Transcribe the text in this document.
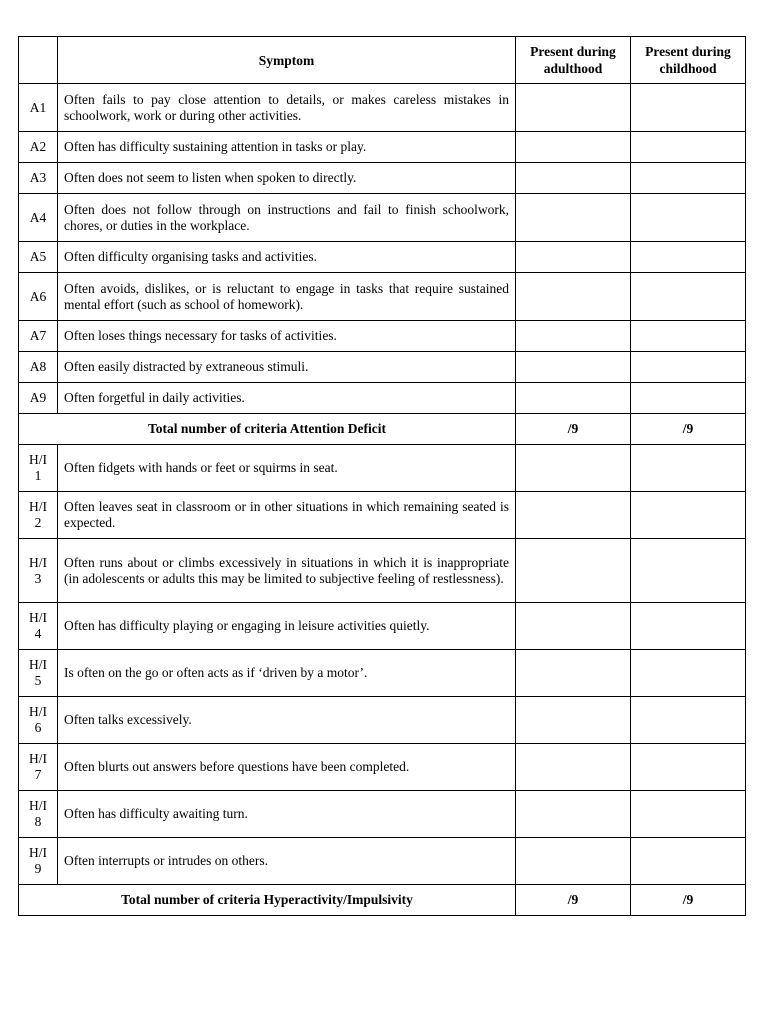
	Symptom	Present during adulthood	Present during childhood
A1	Often fails to pay close attention to details, or makes careless mistakes in schoolwork, work or during other activities.		
A2	Often has difficulty sustaining attention in tasks or play.		
A3	Often does not seem to listen when spoken to directly.		
A4	Often does not follow through on instructions and fail to finish schoolwork, chores, or duties in the workplace.		
A5	Often difficulty organising tasks and activities.		
A6	Often avoids, dislikes, or is reluctant to engage in tasks that require sustained mental effort (such as school of homework).		
A7	Often loses things necessary for tasks of activities.		
A8	Often easily distracted by extraneous stimuli.		
A9	Often forgetful in daily activities.		
Total number of criteria Attention Deficit		/9	/9
H/I 1	Often fidgets with hands or feet or squirms in seat.		
H/I 2	Often leaves seat in classroom or in other situations in which remaining seated is expected.		
H/I 3	Often runs about or climbs excessively in situations in which it is inappropriate (in adolescents or adults this may be limited to subjective feeling of restlessness).		
H/I 4	Often has difficulty playing or engaging in leisure activities quietly.		
H/I 5	Is often on the go or often acts as if ‘driven by a motor’.		
H/I 6	Often talks excessively.		
H/I 7	Often blurts out answers before questions have been completed.		
H/I 8	Often has difficulty awaiting turn.		
H/I 9	Often interrupts or intrudes on others.		
Total number of criteria Hyperactivity/Impulsivity		/9	/9
